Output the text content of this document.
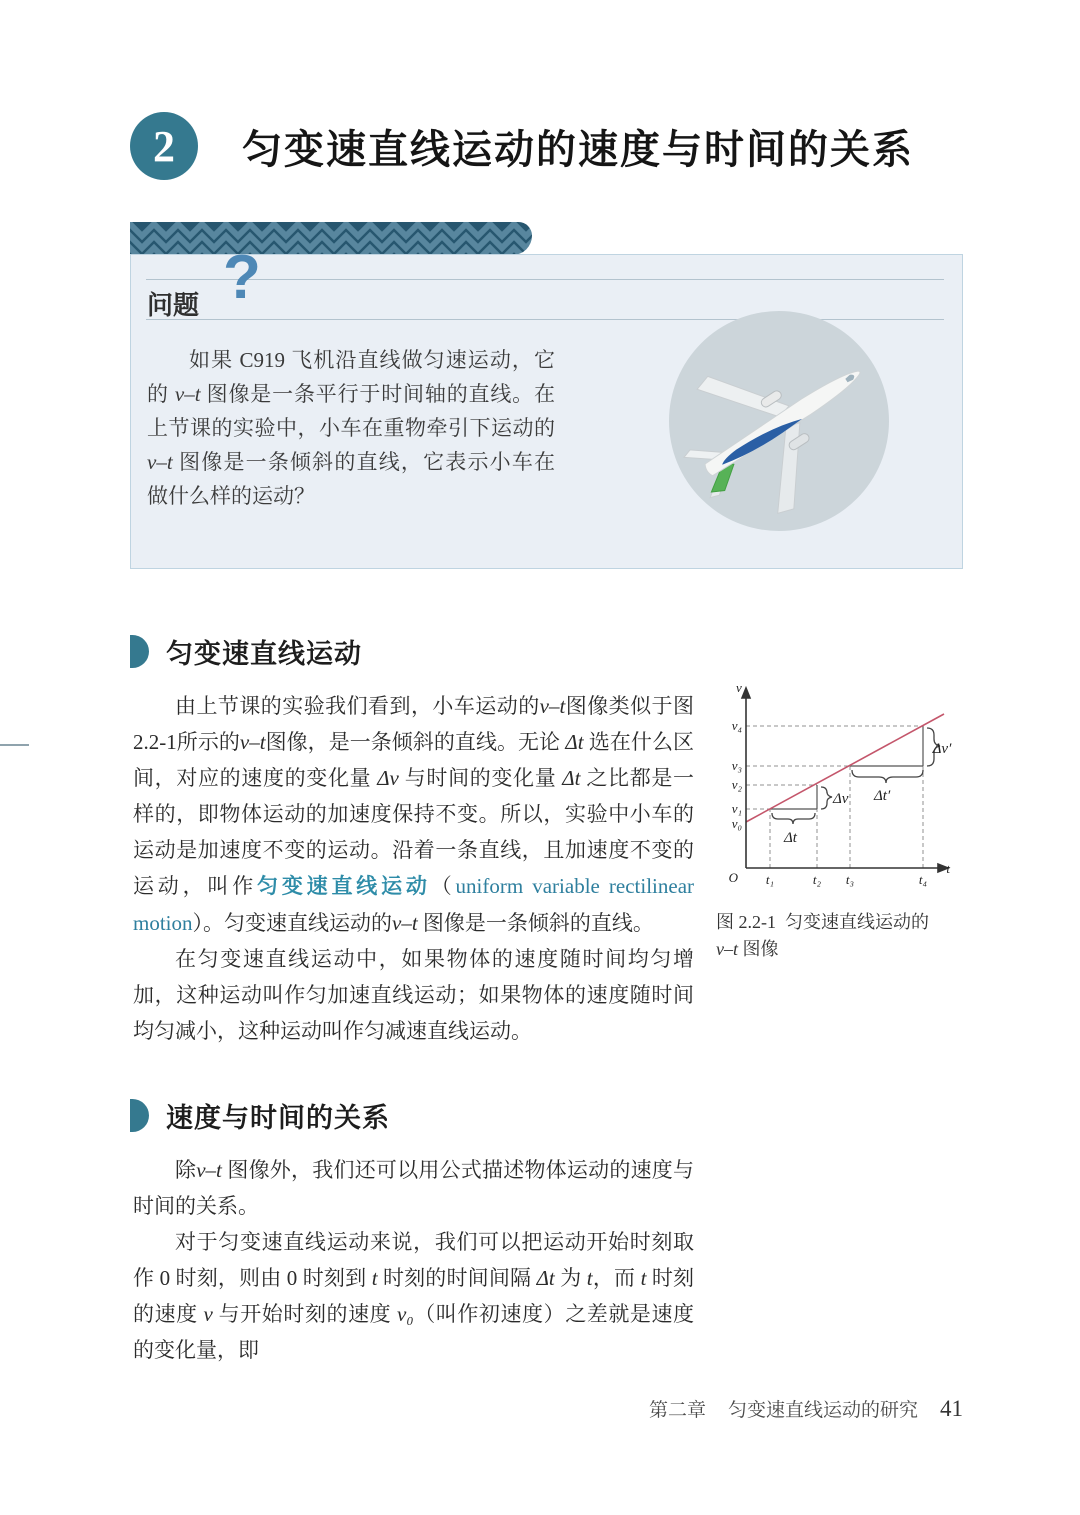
2	匀变速直线运动的速度与时间的关系
问题 ?
如果 C919 飞机沿直线做匀速运动，它的 v–t 图像是一条平行于时间轴的直线。在上节课的实验中，小车在重物牵引下运动的 v–t 图像是一条倾斜的直线，它表示小车在做什么样的运动？
匀变速直线运动

由上节课的实验我们看到，小车运动的v–t图像类似于图2.2-1所示的v–t图像，是一条倾斜的直线。无论 Δt 选在什么区间，对应的速度的变化量 Δv 与时间的变化量 Δt 之比都是一样的，即物体运动的加速度保持不变。所以，实验中小车的运动是加速度不变的运动。沿着一条直线，且加速度不变的运动，叫作匀变速直线运动（uniform variable rectilinear motion）。匀变速直线运动的v–t 图像是一条倾斜的直线。

在匀变速直线运动中，如果物体的速度随时间均匀增加，这种运动叫作匀加速直线运动；如果物体的速度随时间均匀减小，这种运动叫作匀减速直线运动。

Δt
Δv Δt′
Δv′
v
t
O
v₄
v₃
v₂
v₁
v₀
t₁	t₂ t₃	t₄
图 2.2-1 匀变速直线运动的
v–t 图像
速度与时间的关系

除v–t 图像外，我们还可以用公式描述物体运动的速度与时间的关系。

对于匀变速直线运动来说，我们可以把运动开始时刻取作 0 时刻，则由 0 时刻到 t 时刻的时间间隔 Δt 为 t，而 t 时刻的速度 v 与开始时刻的速度 v₀（叫作初速度）之差就是速度的变化量，即

第二章 匀变速直线运动的研究 41
